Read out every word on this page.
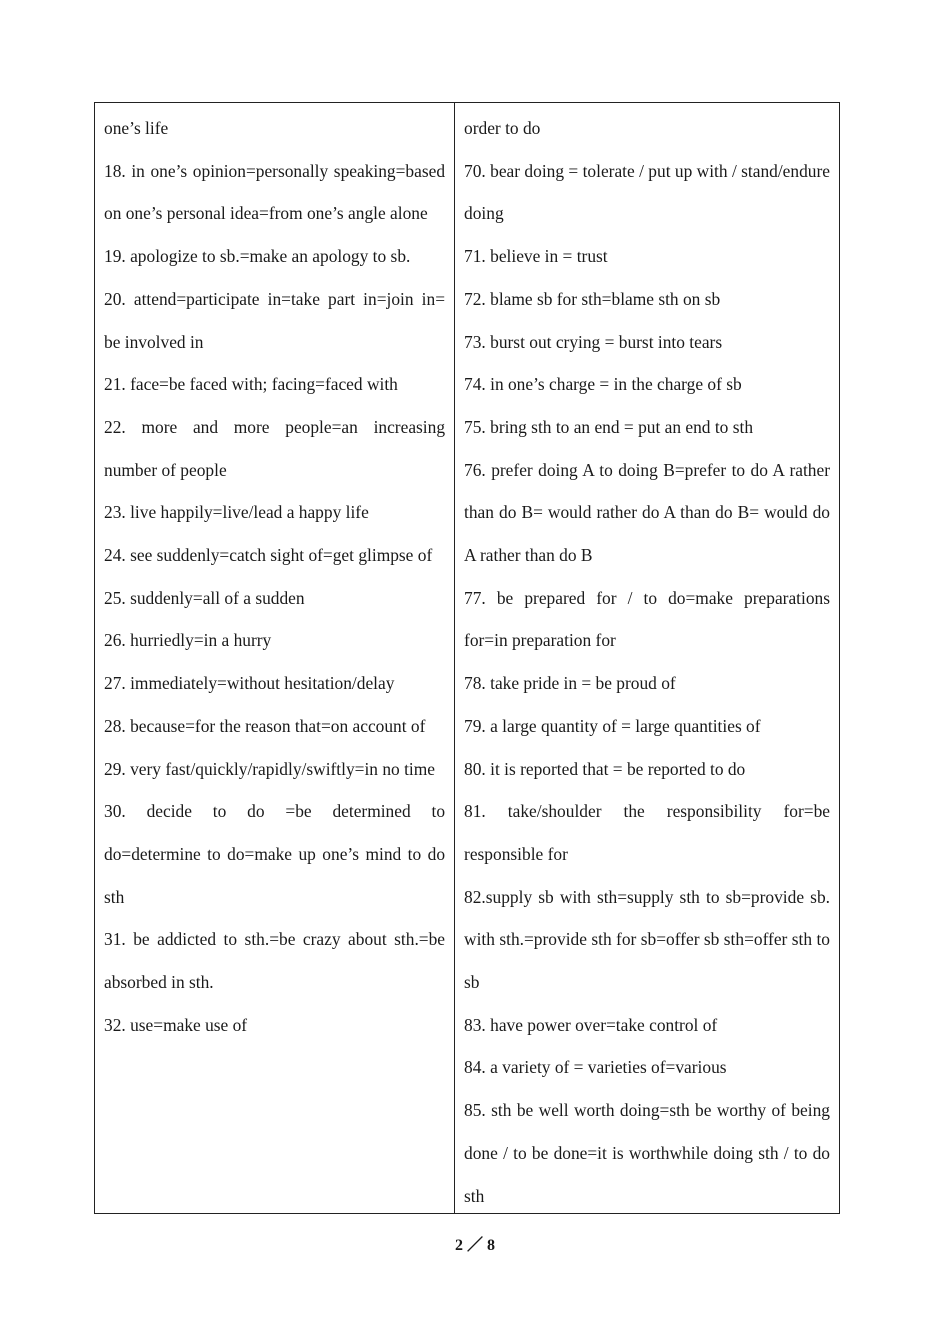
one’s life

18. in one’s opinion=personally speaking=based on one’s personal idea=from one’s angle alone

19. apologize to sb.=make an apology to sb.

20. attend=participate in=take part in=join in= be involved in

21. face=be faced with; facing=faced with

22. more and more people=an increasing number of people

23. live happily=live/lead a happy life

24. see suddenly=catch sight of=get glimpse of

25. suddenly=all of a sudden

26. hurriedly=in a hurry

27. immediately=without hesitation/delay

28. because=for the reason that=on account of

29. very fast/quickly/rapidly/swiftly=in no time

30. decide to do =be determined to do=determine to do=make up one’s mind to do sth

31. be addicted to sth.=be crazy about sth.=be absorbed in sth.

32. use=make use of

order to do

70. bear doing = tolerate / put up with / stand/endure doing

71. believe in = trust

72. blame sb for sth=blame sth on sb

73. burst out crying = burst into tears

74. in one’s charge = in the charge of sb

75. bring sth to an end = put an end to sth

76. prefer doing A to doing B=prefer to do A rather than do B= would rather do A than do B= would do A rather than do B

77. be prepared for / to do=make preparations for=in preparation for

78. take pride in = be proud of

79. a large quantity of = large quantities of

80. it is reported that = be reported to do

81. take/shoulder the responsibility for=be responsible for

82.supply sb with sth=supply sth to sb=provide sb. with sth.=provide sth for sb=offer sb sth=offer sth to sb

83. have power over=take control of

84. a variety of = varieties of=various

85. sth be well worth doing=sth be worthy of being done / to be done=it is worthwhile doing sth / to do sth

2 ／ 8
